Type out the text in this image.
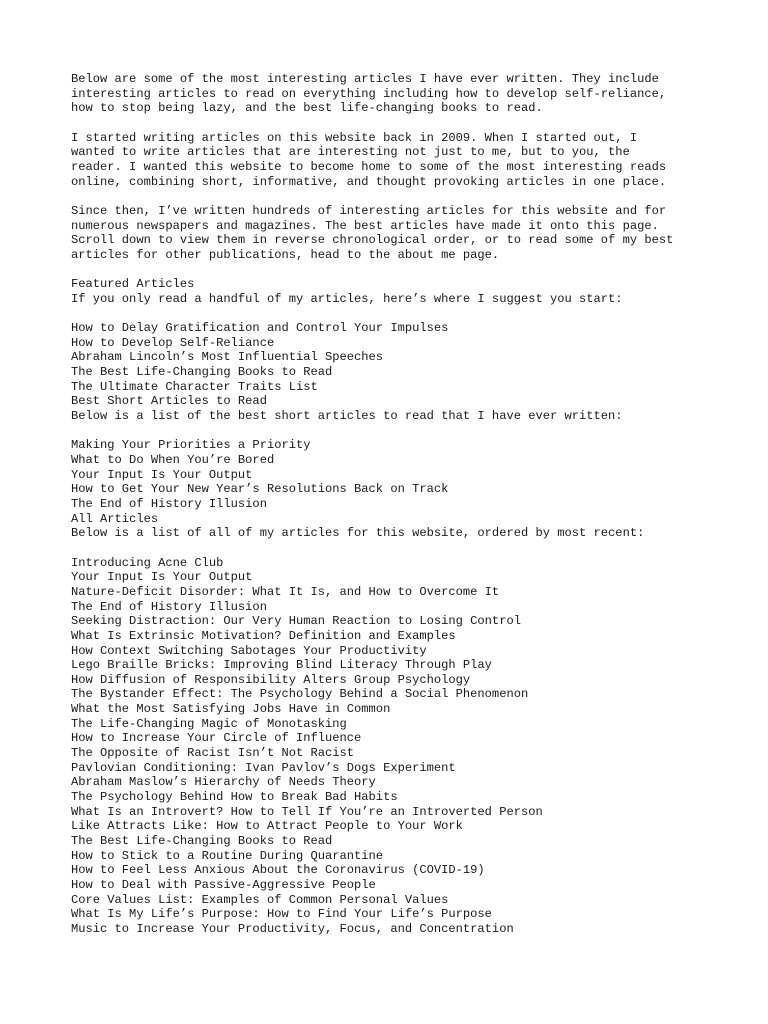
Below are some of the most interesting articles I have ever written. They include
interesting articles to read on everything including how to develop self-reliance,
how to stop being lazy, and the best life-changing books to read.
I started writing articles on this website back in 2009. When I started out, I
wanted to write articles that are interesting not just to me, but to you, the
reader. I wanted this website to become home to some of the most interesting reads
online, combining short, informative, and thought provoking articles in one place.
Since then, I’ve written hundreds of interesting articles for this website and for
numerous newspapers and magazines. The best articles have made it onto this page.
Scroll down to view them in reverse chronological order, or to read some of my best
articles for other publications, head to the about me page.
Featured Articles
If you only read a handful of my articles, here’s where I suggest you start:
How to Delay Gratification and Control Your Impulses
How to Develop Self-Reliance
Abraham Lincoln’s Most Influential Speeches
The Best Life-Changing Books to Read
The Ultimate Character Traits List
Best Short Articles to Read
Below is a list of the best short articles to read that I have ever written:
Making Your Priorities a Priority
What to Do When You’re Bored
Your Input Is Your Output
How to Get Your New Year’s Resolutions Back on Track
The End of History Illusion
All Articles
Below is a list of all of my articles for this website, ordered by most recent:
Introducing Acne Club
Your Input Is Your Output
Nature-Deficit Disorder: What It Is, and How to Overcome It
The End of History Illusion
Seeking Distraction: Our Very Human Reaction to Losing Control
What Is Extrinsic Motivation? Definition and Examples
How Context Switching Sabotages Your Productivity
Lego Braille Bricks: Improving Blind Literacy Through Play
How Diffusion of Responsibility Alters Group Psychology
The Bystander Effect: The Psychology Behind a Social Phenomenon
What the Most Satisfying Jobs Have in Common
The Life-Changing Magic of Monotasking
How to Increase Your Circle of Influence
The Opposite of Racist Isn’t Not Racist
Pavlovian Conditioning: Ivan Pavlov’s Dogs Experiment
Abraham Maslow’s Hierarchy of Needs Theory
The Psychology Behind How to Break Bad Habits
What Is an Introvert? How to Tell If You’re an Introverted Person
Like Attracts Like: How to Attract People to Your Work
The Best Life-Changing Books to Read
How to Stick to a Routine During Quarantine
How to Feel Less Anxious About the Coronavirus (COVID-19)
How to Deal with Passive-Aggressive People
Core Values List: Examples of Common Personal Values
What Is My Life’s Purpose: How to Find Your Life’s Purpose
Music to Increase Your Productivity, Focus, and Concentration
